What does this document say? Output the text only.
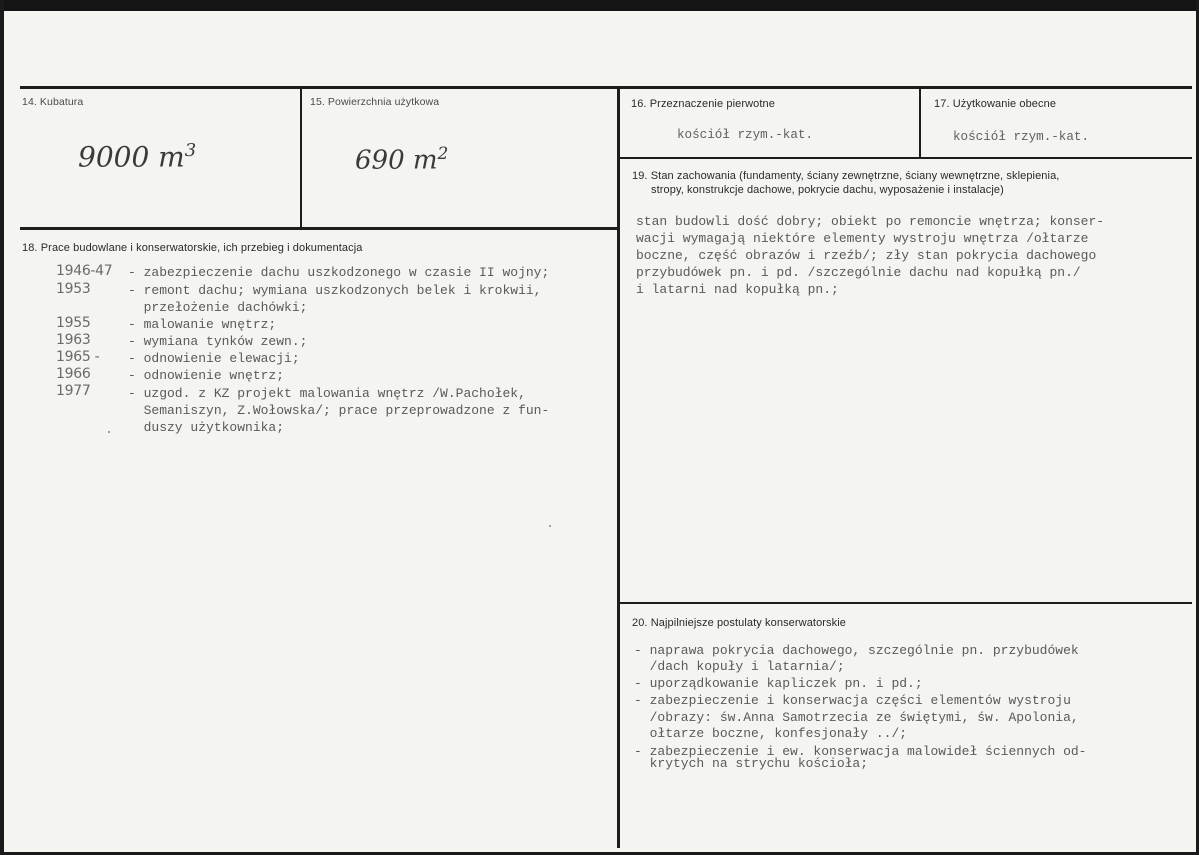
14. Kubatura
9000 $m^3$
15. Powierzchnia użytkowa
690 $m^2$
16. Przeznaczenie pierwotne
kościół rzym.-kat.
17. Użytkowanie obecne
kościół rzym.-kat.
18. Prace budowlane i konserwatorskie, ich przebieg i dokumentacja
1946-47 - zabezpieczenie dachu uszkodzonego w czasie II wojny;
1953	- remont dachu; wymiana uszkodzonych belek i krokwii,
przełożenie dachówki;
1955	- malowanie wnętrz;
1963	- wymiana tynków zewn.;
1965 - - odnowienie elewacji;
1966	- odnowienie wnętrz;
1977	- uzgod. z KZ projekt malowania wnętrz /W.Pachołek,
Semaniszyn, Z.Wołowska/; prace przeprowadzone z fun-
duszy użytkownika;
19. Stan zachowania (fundamenty, ściany zewnętrzne, ściany wewnętrzne, sklepienia,
stropy, konstrukcje dachowe, pokrycie dachu, wyposażenie i instalacje)
stan budowli dość dobry; obiekt po remoncie wnętrza; konser-
wacji wymagają niektóre elementy wystroju wnętrza /ołtarze
boczne, część obrazów i rzeźb/; zły stan pokrycia dachowego
przybudówek pn. i pd. /szczególnie dachu nad kopułką pn./
i latarni nad kopułką pn.;
20. Najpilniejsze postulaty konserwatorskie
- naprawa pokrycia dachowego, szczególnie pn. przybudówek
/dach kopuły i latarnia/;
- uporządkowanie kapliczek pn. i pd.;
- zabezpieczenie i konserwacja części elementów wystroju
/obrazy: św.Anna Samotrzecia ze świętymi, św. Apolonia,
ołtarze boczne, konfesjonały ../;
- zabezpieczenie i ew. konserwacja malowideł ściennych od-
krytych na strychu kościoła;
